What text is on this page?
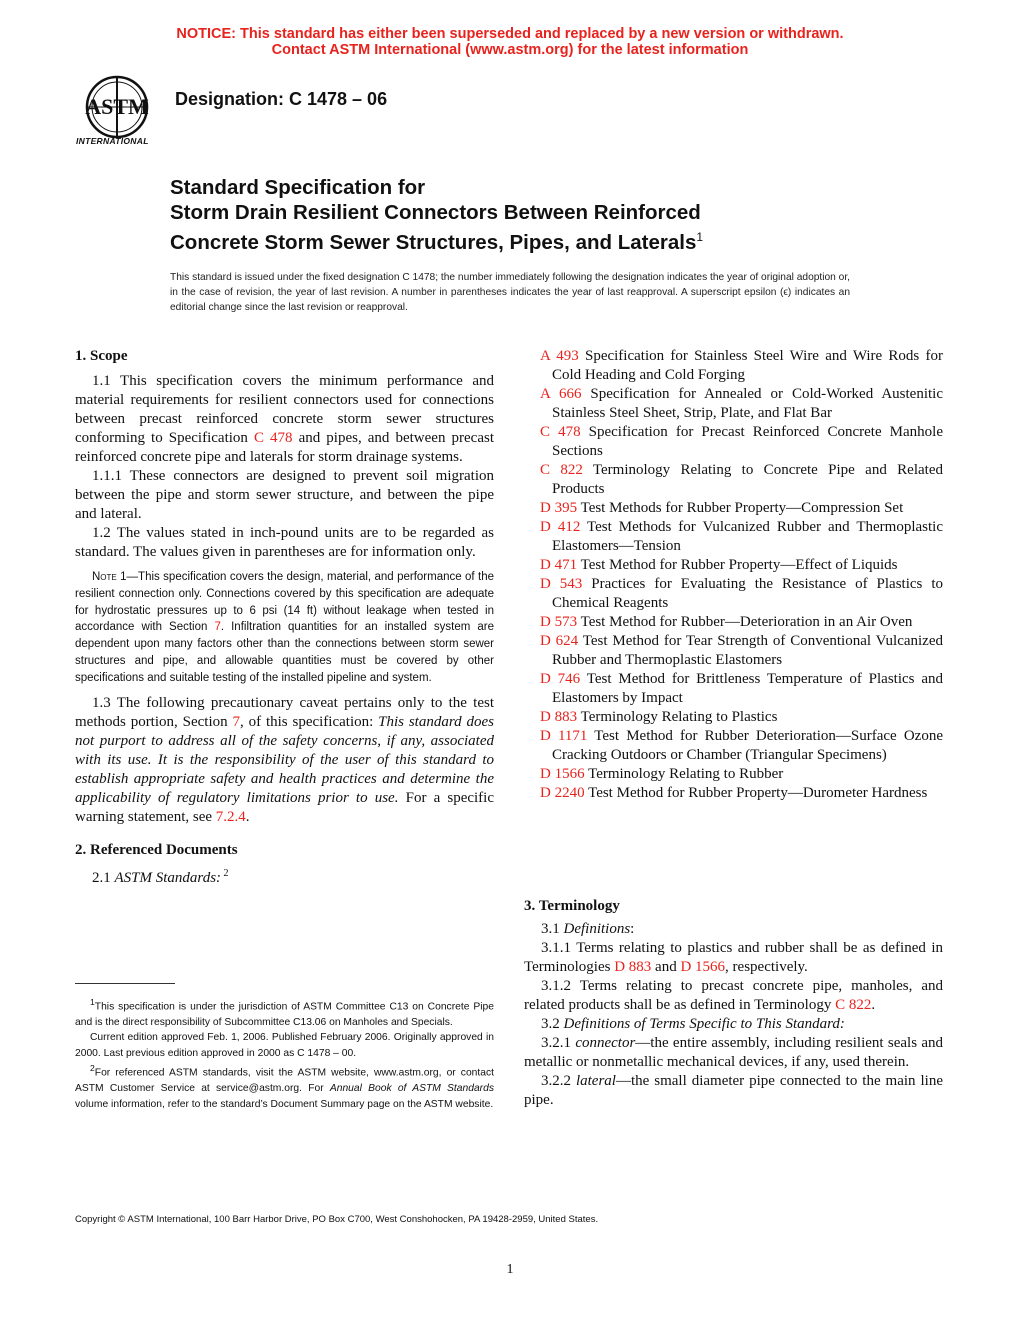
NOTICE: This standard has either been superseded and replaced by a new version or withdrawn.
Contact ASTM International (www.astm.org) for the latest information
ASTM
INTERNATIONAL
Designation: C 1478 – 06
Standard Specification for
Storm Drain Resilient Connectors Between Reinforced
Concrete Storm Sewer Structures, Pipes, and Laterals$^1$
This standard is issued under the fixed designation C 1478; the number immediately following the designation indicates the year of original adoption or, in the case of revision, the year of last revision. A number in parentheses indicates the year of last reapproval. A superscript epsilon (ϵ) indicates an editorial change since the last revision or reapproval.
1. Scope

1.1 This specification covers the minimum performance and material requirements for resilient connectors used for connections between precast reinforced concrete storm sewer structures conforming to Specification C 478 and pipes, and between precast reinforced concrete pipe and laterals for storm drainage systems.

1.1.1 These connectors are designed to prevent soil migration between the pipe and storm sewer structure, and between the pipe and lateral.

1.2 The values stated in inch-pound units are to be regarded as standard. The values given in parentheses are for information only.

Note 1—This specification covers the design, material, and performance of the resilient connection only. Connections covered by this specification are adequate for hydrostatic pressures up to 6 psi (14 ft) without leakage when tested in accordance with Section 7. Infiltration quantities for an installed system are dependent upon many factors other than the connections between storm sewer structures and pipe, and allowable quantities must be covered by other specifications and suitable testing of the installed pipeline and system.

1.3 The following precautionary caveat pertains only to the test methods portion, Section 7, of this specification: This standard does not purport to address all of the safety concerns, if any, associated with its use. It is the responsibility of the user of this standard to establish appropriate safety and health practices and determine the applicability of regulatory limitations prior to use. For a specific warning statement, see 7.2.4.

2. Referenced Documents

2.1 ASTM Standards: $^2$

$^1$This specification is under the jurisdiction of ASTM Committee C13 on Concrete Pipe and is the direct responsibility of Subcommittee C13.06 on Manholes and Specials.

Current edition approved Feb. 1, 2006. Published February 2006. Originally approved in 2000. Last previous edition approved in 2000 as C 1478 – 00.

$^2$For referenced ASTM standards, visit the ASTM website, www.astm.org, or contact ASTM Customer Service at service@astm.org. For Annual Book of ASTM Standards volume information, refer to the standard’s Document Summary page on the ASTM website.

A 493 Specification for Stainless Steel Wire and Wire Rods for Cold Heading and Cold Forging
A 666 Specification for Annealed or Cold-Worked Austenitic Stainless Steel Sheet, Strip, Plate, and Flat Bar
C 478 Specification for Precast Reinforced Concrete Manhole Sections
C 822 Terminology Relating to Concrete Pipe and Related Products
D 395 Test Methods for Rubber Property—Compression Set
D 412 Test Methods for Vulcanized Rubber and Thermoplastic Elastomers—Tension
D 471 Test Method for Rubber Property—Effect of Liquids
D 543 Practices for Evaluating the Resistance of Plastics to Chemical Reagents
D 573 Test Method for Rubber—Deterioration in an Air Oven
D 624 Test Method for Tear Strength of Conventional Vulcanized Rubber and Thermoplastic Elastomers
D 746 Test Method for Brittleness Temperature of Plastics and Elastomers by Impact
D 883 Terminology Relating to Plastics
D 1171 Test Method for Rubber Deterioration—Surface Ozone Cracking Outdoors or Chamber (Triangular Specimens)
D 1566 Terminology Relating to Rubber
D 2240 Test Method for Rubber Property—Durometer Hardness
3. Terminology

3.1 Definitions:

3.1.1 Terms relating to plastics and rubber shall be as defined in Terminologies D 883 and D 1566, respectively.

3.1.2 Terms relating to precast concrete pipe, manholes, and related products shall be as defined in Terminology C 822.

3.2 Definitions of Terms Specific to This Standard:

3.2.1 connector—the entire assembly, including resilient seals and metallic or nonmetallic mechanical devices, if any, used therein.

3.2.2 lateral—the small diameter pipe connected to the main line pipe.

Copyright © ASTM International, 100 Barr Harbor Drive, PO Box C700, West Conshohocken, PA 19428-2959, United States.
1
